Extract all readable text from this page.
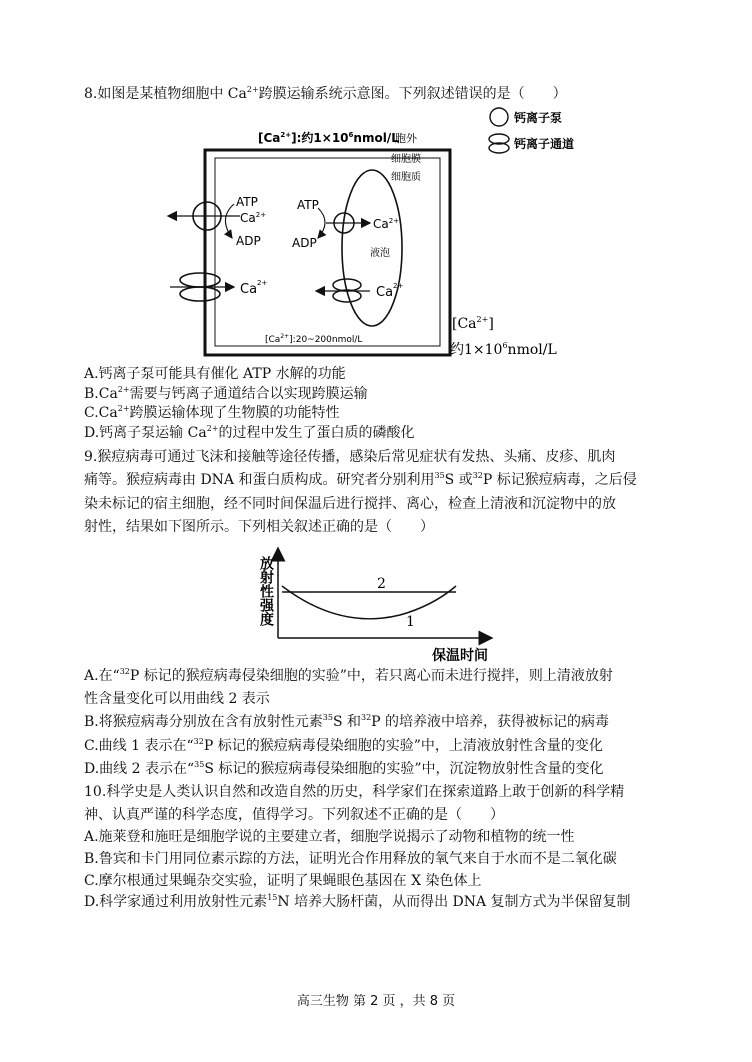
8.如图是某植物细胞中 $Ca^{2+}$跨膜运输系统示意图。下列叙述错误的是（　　）
$[Ca^{2+}]$:约$1\times 10^6nmol/L$
胞外
钙离子泵
钙离子通道
细胞膜
细胞质
液泡
ATP
$Ca^{2+}$
ADP
$Ca^{2+}$
ATP
ADP
$Ca^{2+}$
$Ca^{2+}$
$[Ca^{2+}]:20\sim 200nmol/L$
$[Ca^{2+}]$
约$1\times 10^6nmol/L$
A.钙离子泵可能具有催化 ATP 水解的功能
$B.Ca^{2+}$需要与钙离子通道结合以实现跨膜运输
$C.Ca^{2+}$跨膜运输体现了生物膜的功能特性
D.钙离子泵运输 $Ca^{2+}$的过程中发生了蛋白质的磷酸化
9.猴痘病毒可通过飞沫和接触等途径传播，感染后常见症状有发热、头痛、皮疹、肌肉
痛等。猴痘病毒由 DNA 和蛋白质构成。研究者分别利用$^{35}$S 或$^{32}$P 标记猴痘病毒，之后侵
染未标记的宿主细胞，经不同时间保温后进行搅拌、离心，检查上清液和沉淀物中的放
射性，结果如下图所示。下列相关叙述正确的是（　　）
放射性强度
保温时间
2
1
A.在“$^{32}$P 标记的猴痘病毒侵染细胞的实验”中，若只离心而未进行搅拌，则上清液放射
性含量变化可以用曲线 2 表示
B.将猴痘病毒分别放在含有放射性元素$^{35}$S 和$^{32}$P 的培养液中培养，获得被标记的病毒
C.曲线 1 表示在“$^{32}$P 标记的猴痘病毒侵染细胞的实验”中，上清液放射性含量的变化
D.曲线 2 表示在“$^{35}$S 标记的猴痘病毒侵染细胞的实验”中，沉淀物放射性含量的变化
10.科学史是人类认识自然和改造自然的历史，科学家们在探索道路上敢于创新的科学精
神、认真严谨的科学态度，值得学习。下列叙述不正确的是（　　）
A.施莱登和施旺是细胞学说的主要建立者，细胞学说揭示了动物和植物的统一性
B.鲁宾和卡门用同位素示踪的方法，证明光合作用释放的氧气来自于水而不是二氧化碳
C.摩尔根通过果蝇杂交实验，证明了果蝇眼色基因在 X 染色体上
D.科学家通过利用放射性元素$^{15}$N 培养大肠杆菌，从而得出 DNA 复制方式为半保留复制
高三生物 第 2 页 ，共 8 页
